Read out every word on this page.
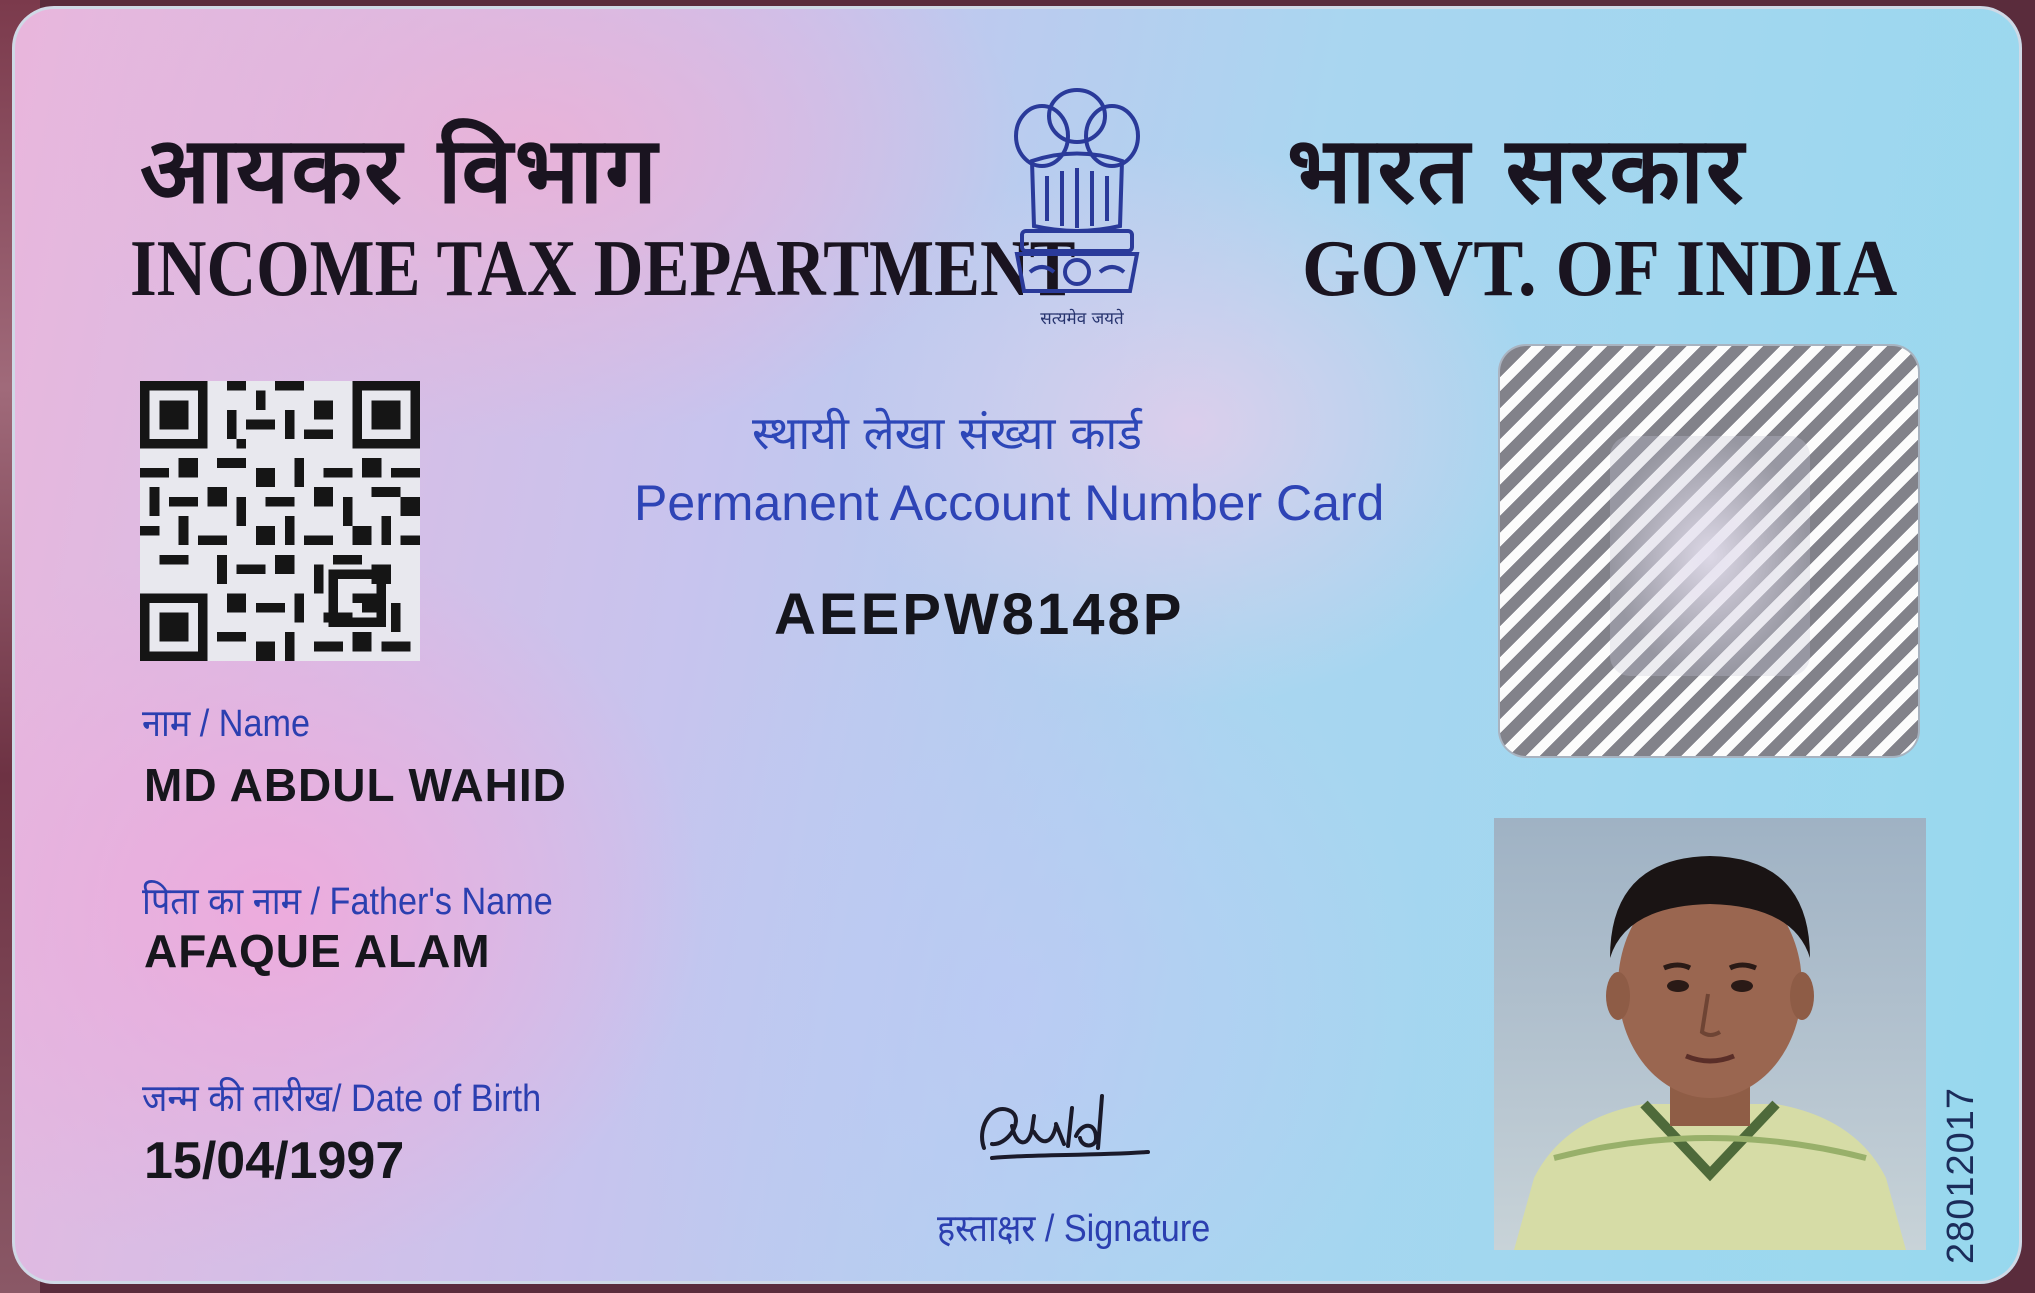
आयकर विभाग
INCOME TAX DEPARTMENT
सत्यमेव जयते
भारत सरकार
GOVT. OF INDIA
स्थायी लेखा संख्या कार्ड
Permanent Account Number Card
AEEPW8148P
नाम / Name
MD ABDUL WAHID
पिता का नाम / Father's Name
AFAQUE ALAM
जन्म की तारीख/ Date of Birth
15/04/1997
हस्ताक्षर / Signature	28012017
